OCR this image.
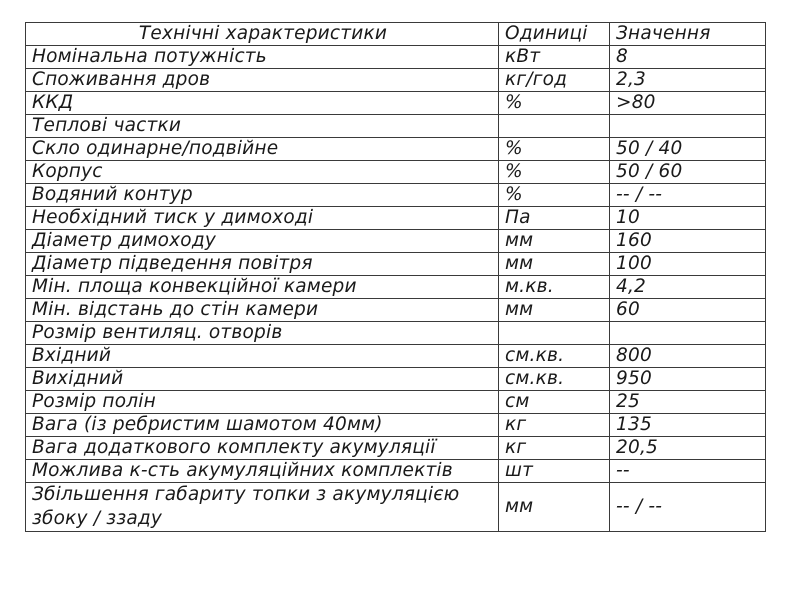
Технічні характеристики	Одиниці	Значення
Номінальна потужність	кВт	8
Споживання дров	кг/год	2,3
ККД	%	>80
Теплові частки		
Скло одинарне/подвійне	%	50 / 40
Корпус	%	50 / 60
Водяний контур	%	-- / --
Необхідний тиск у димоході	Па	10
Діаметр димоходу	мм	160
Діаметр підведення повітря	мм	100
Мін. площа конвекційної камери	м.кв.	4,2
Мін. відстань до стін камери	мм	60
Розмір вентиляц. отворів		
Вхідний	см.кв.	800
Вихідний	см.кв.	950
Розмір полін	см	25
Вага (із ребристим шамотом 40мм)	кг	135
Вага додаткового комплекту акумуляції	кг	20,5
Можлива к-сть акумуляційних комплектів	шт	--
Збільшення габариту топки з акумуляцією збоку / ззаду	мм	-- / --
